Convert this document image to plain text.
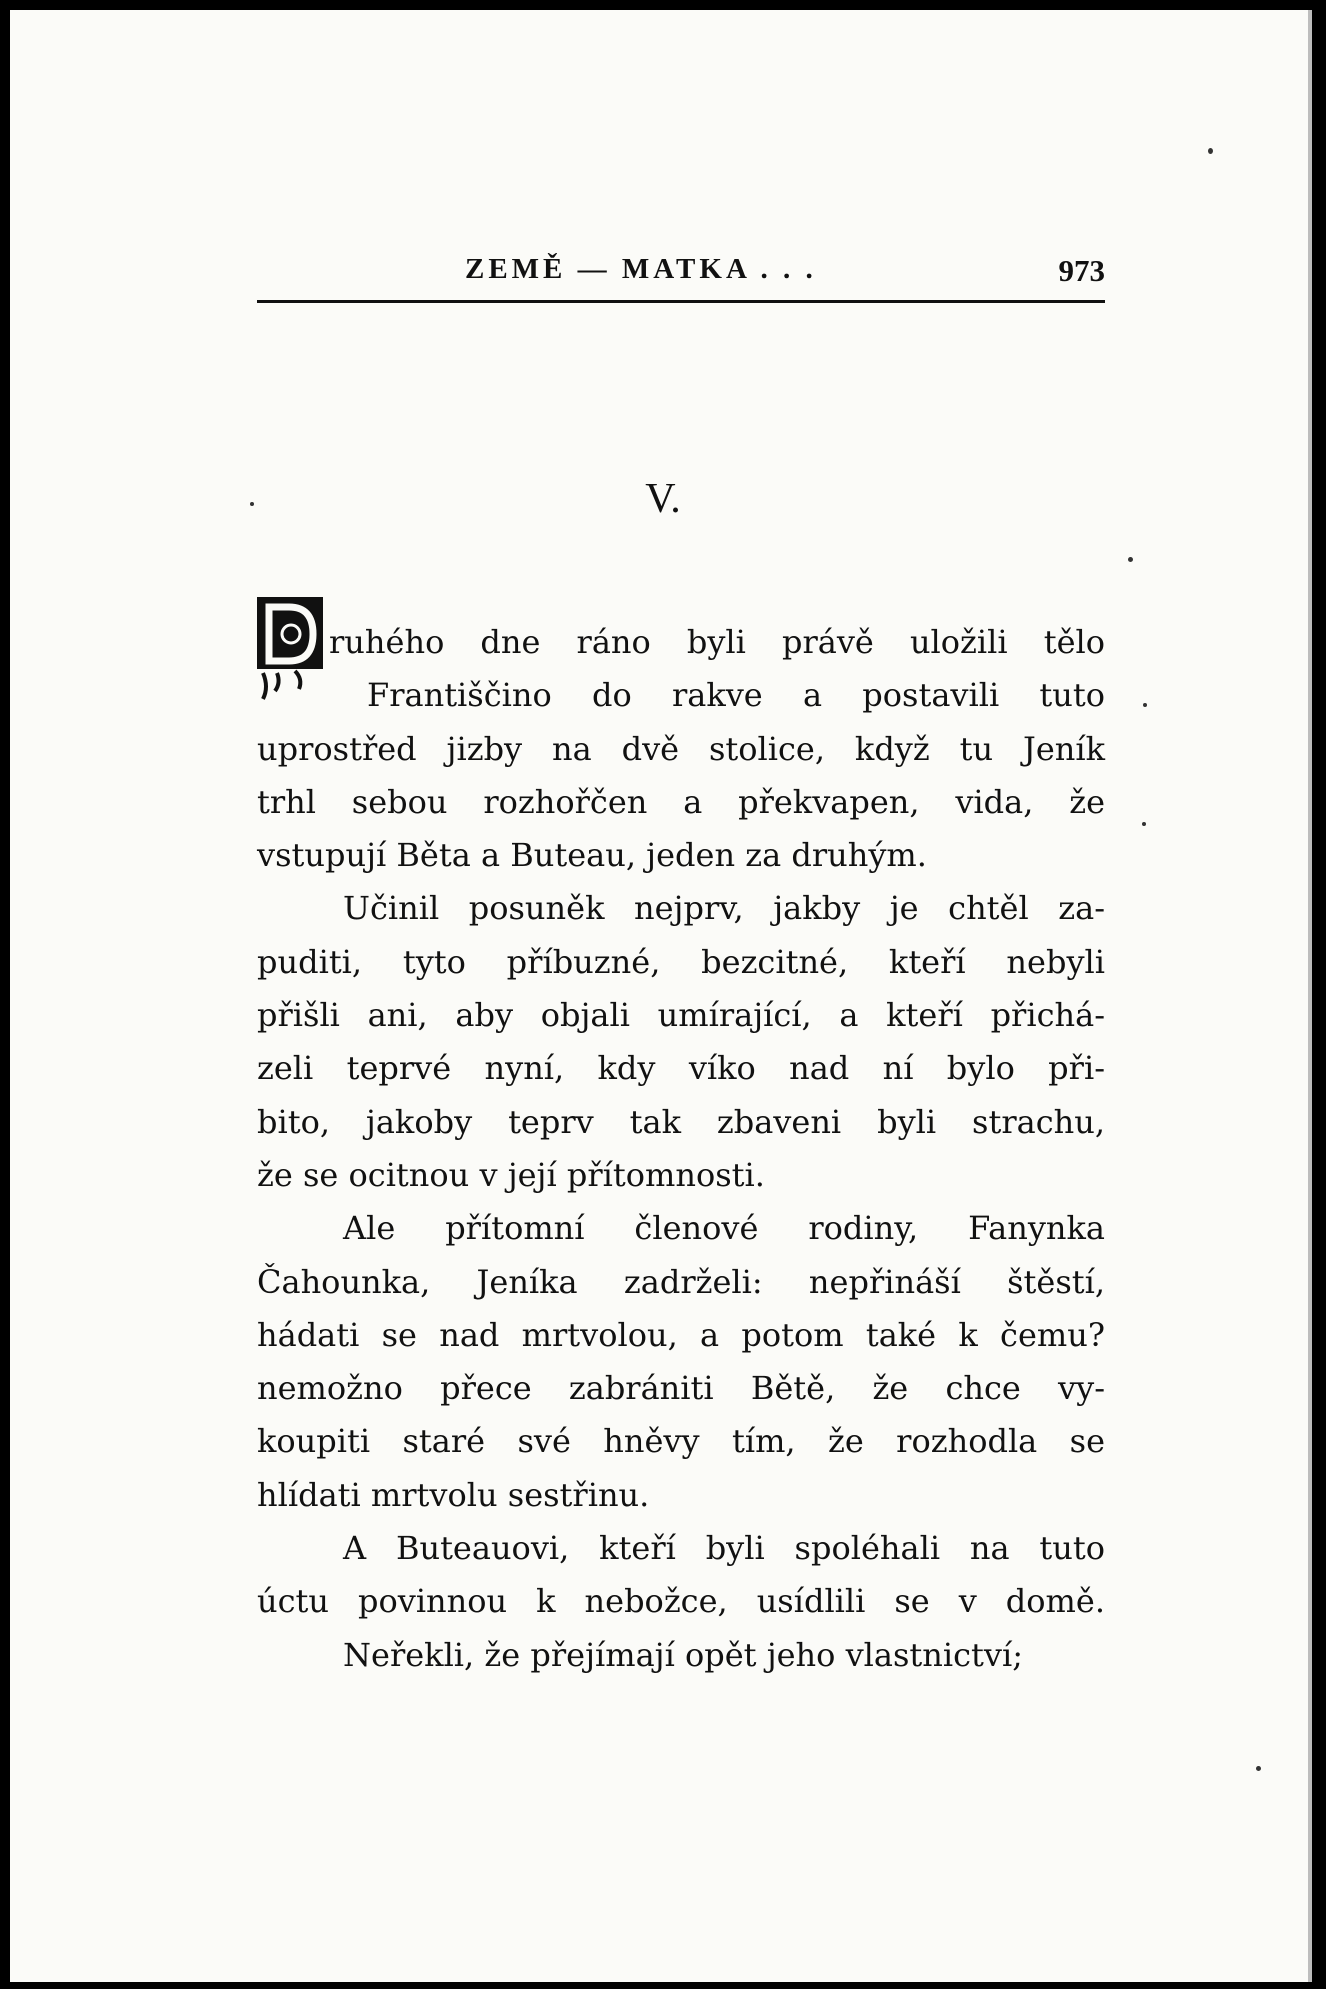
ZEMĚ — MATKA . . .	973
V.
D	ruhého dne ráno byli právě uložili tělo
Františčino do rakve a postavili tuto
uprostřed jizby na dvě stolice, když tu Jeník
trhl sebou rozhořčen a překvapen, vida, že
vstupují Běta a Buteau, jeden za druhým.
Učinil posuněk nejprv, jakby je chtěl za-
puditi, tyto příbuzné, bezcitné, kteří nebyli
přišli ani, aby objali umírající, a kteří přichá-
zeli teprvé nyní, kdy víko nad ní bylo při-
bito, jakoby teprv tak zbaveni byli strachu,
že se ocitnou v její přítomnosti.
Ale přítomní členové rodiny, Fanynka
Čahounka, Jeníka zadrželi: nepřináší štěstí,
hádati se nad mrtvolou, a potom také k čemu?
nemožno přece zabrániti Bětě, že chce vy-
koupiti staré své hněvy tím, že rozhodla se
hlídati mrtvolu sestřinu.
A Buteauovi, kteří byli spoléhali na tuto
úctu povinnou k nebožce, usídlili se v domě.
Neřekli, že přejímají opět jeho vlastnictví;
